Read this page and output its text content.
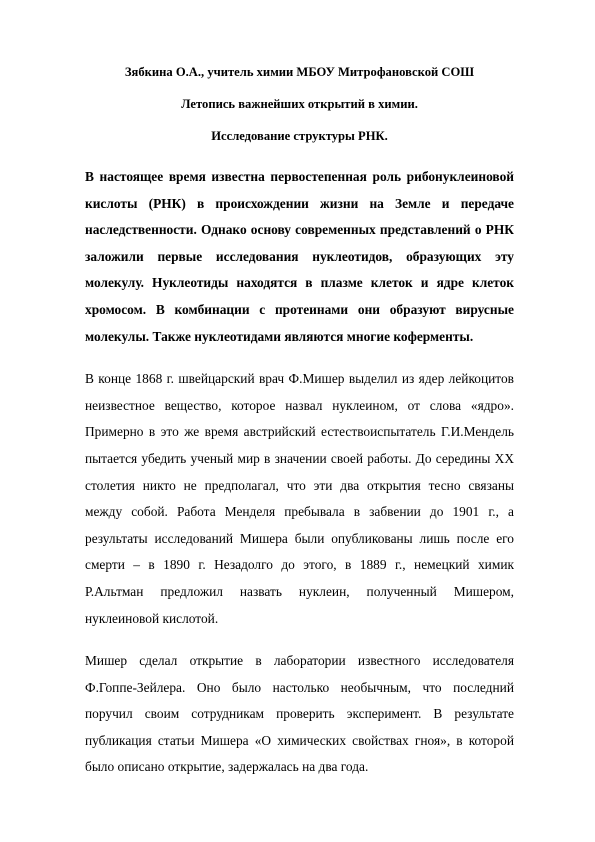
Зябкина О.А., учитель химии МБОУ Митрофановской СОШ

Летопись важнейших открытий в химии.

Исследование структуры РНК.

В настоящее время известна первостепенная роль рибонуклеиновой кислоты (РНК) в происхождении жизни на Земле и передаче наследственности. Однако основу современных представлений о РНК заложили первые исследования нуклеотидов, образующих эту молекулу. Нуклеотиды находятся в плазме клеток и ядре клеток хромосом. В комбинации с протеинами они образуют вирусные молекулы. Также нуклеотидами являются многие коферменты.

В конце 1868 г. швейцарский врач Ф.Мишер выделил из ядер лейкоцитов неизвестное вещество, которое назвал нуклеином, от слова «ядро». Примерно в это же время австрийский естествоиспытатель Г.И.Мендель пытается убедить ученый мир в значении своей работы. До середины XX столетия никто не предполагал, что эти два открытия тесно связаны между собой. Работа Менделя пребывала в забвении до 1901 г., а результаты исследований Мишера были опубликованы лишь после его смерти – в 1890 г. Незадолго до этого, в 1889 г., немецкий химик Р.Альтман предложил назвать нуклеин, полученный Мишером, нуклеиновой кислотой.

Мишер сделал открытие в лаборатории известного исследователя Ф.Гоппе-Зейлера. Оно было настолько необычным, что последний поручил своим сотрудникам проверить эксперимент. В результате публикация статьи Мишера «О химических свойствах гноя», в которой было описано открытие, задержалась на два года.
